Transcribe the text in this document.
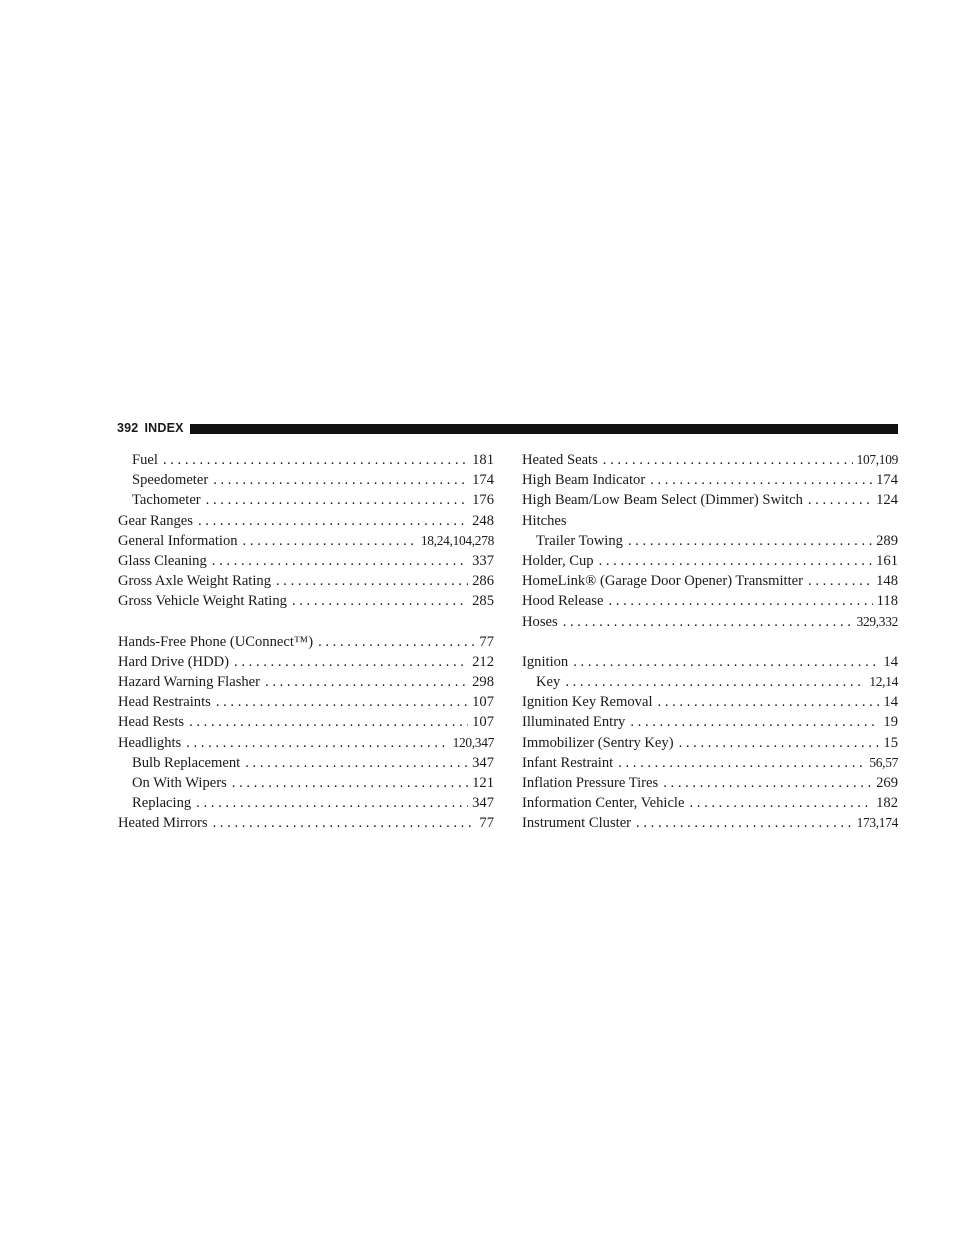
392 INDEX
Fuel . . .	181
Speedometer . . .	174
Tachometer . . .	176
Gear Ranges . . .	248
General Information . . .	18,24,104,278
Glass Cleaning . . .	337
Gross Axle Weight Rating . . .	286
Gross Vehicle Weight Rating . . .	285
Hands-Free Phone (UConnect™) . . .	77
Hard Drive (HDD) . . .	212
Hazard Warning Flasher . . .	298
Head Restraints . . .	107
Head Rests . . .	107
Headlights . . .	120,347
Bulb Replacement . . .	347
On With Wipers . . .	121
Replacing . . .	347
Heated Mirrors . . .	77
Heated Seats . . .	107,109
High Beam Indicator . . .	174
High Beam/Low Beam Select (Dimmer) Switch . . .	124
Hitches
Trailer Towing . . .	289
Holder, Cup . . .	161
HomeLink® (Garage Door Opener) Transmitter . . .	148
Hood Release . . .	118
Hoses . . .	329,332
Ignition . . .	14
Key . . .	12,14
Ignition Key Removal . . .	14
Illuminated Entry . . .	19
Immobilizer (Sentry Key) . . .	15
Infant Restraint . . .	56,57
Inflation Pressure Tires . . .	269
Information Center, Vehicle . . .	182
Instrument Cluster . . .	173,174
